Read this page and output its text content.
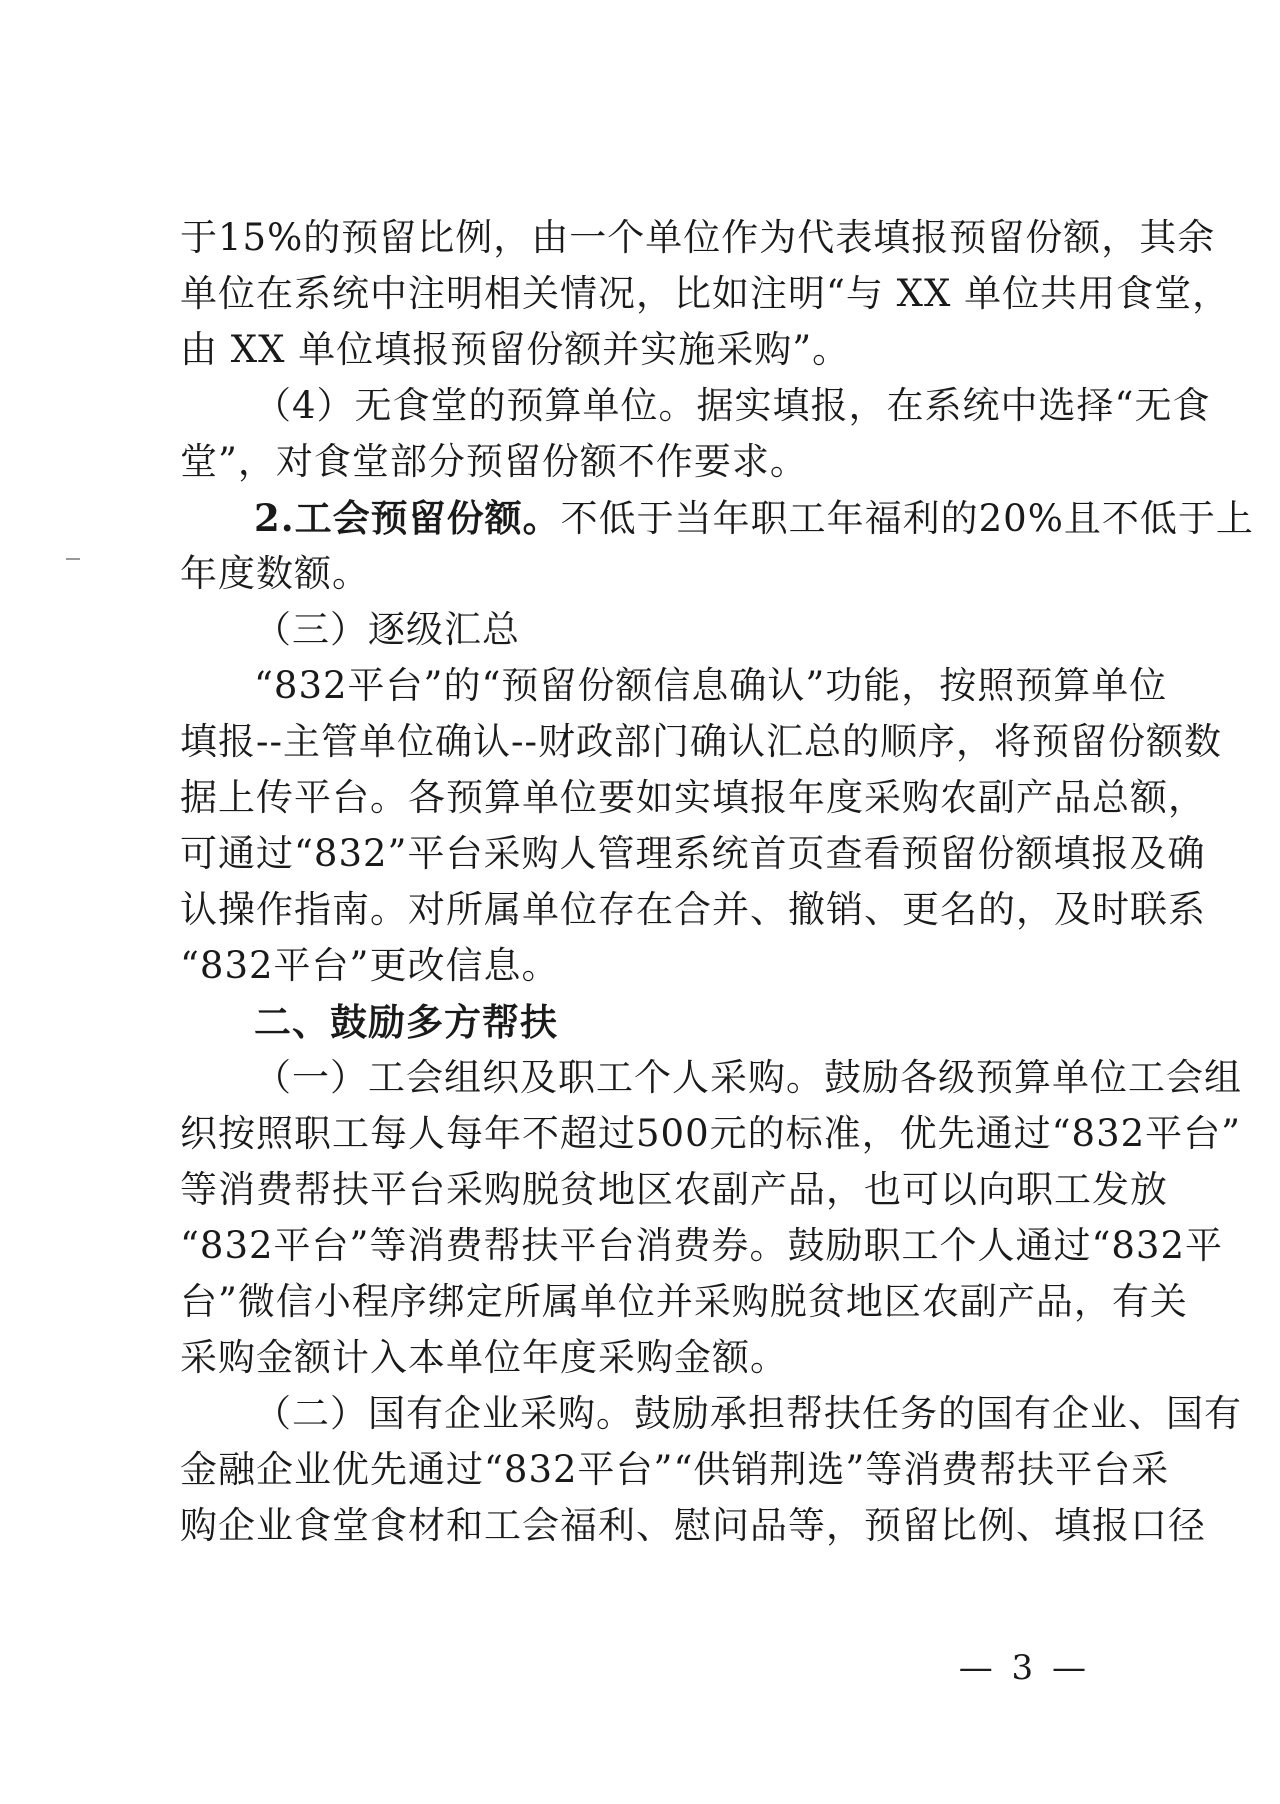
于15%的预留比例，由一个单位作为代表填报预留份额，其余
单位在系统中注明相关情况，比如注明“与 XX 单位共用食堂，
由 XX 单位填报预留份额并实施采购”。
（4）无食堂的预算单位。据实填报，在系统中选择“无食
堂”，对食堂部分预留份额不作要求。
2.工会预留份额。不低于当年职工年福利的20%且不低于上
年度数额。
（三）逐级汇总
“832平台”的“预留份额信息确认”功能，按照预算单位
填报--主管单位确认--财政部门确认汇总的顺序，将预留份额数
据上传平台。各预算单位要如实填报年度采购农副产品总额，
可通过“832”平台采购人管理系统首页查看预留份额填报及确
认操作指南。对所属单位存在合并、撤销、更名的，及时联系
“832平台”更改信息。
二、鼓励多方帮扶
（一）工会组织及职工个人采购。鼓励各级预算单位工会组
织按照职工每人每年不超过500元的标准，优先通过“832平台”
等消费帮扶平台采购脱贫地区农副产品，也可以向职工发放
“832平台”等消费帮扶平台消费券。鼓励职工个人通过“832平
台”微信小程序绑定所属单位并采购脱贫地区农副产品，有关
采购金额计入本单位年度采购金额。
（二）国有企业采购。鼓励承担帮扶任务的国有企业、国有
金融企业优先通过“832平台”“供销荆选”等消费帮扶平台采
购企业食堂食材和工会福利、慰问品等，预留比例、填报口径
— 3 —
